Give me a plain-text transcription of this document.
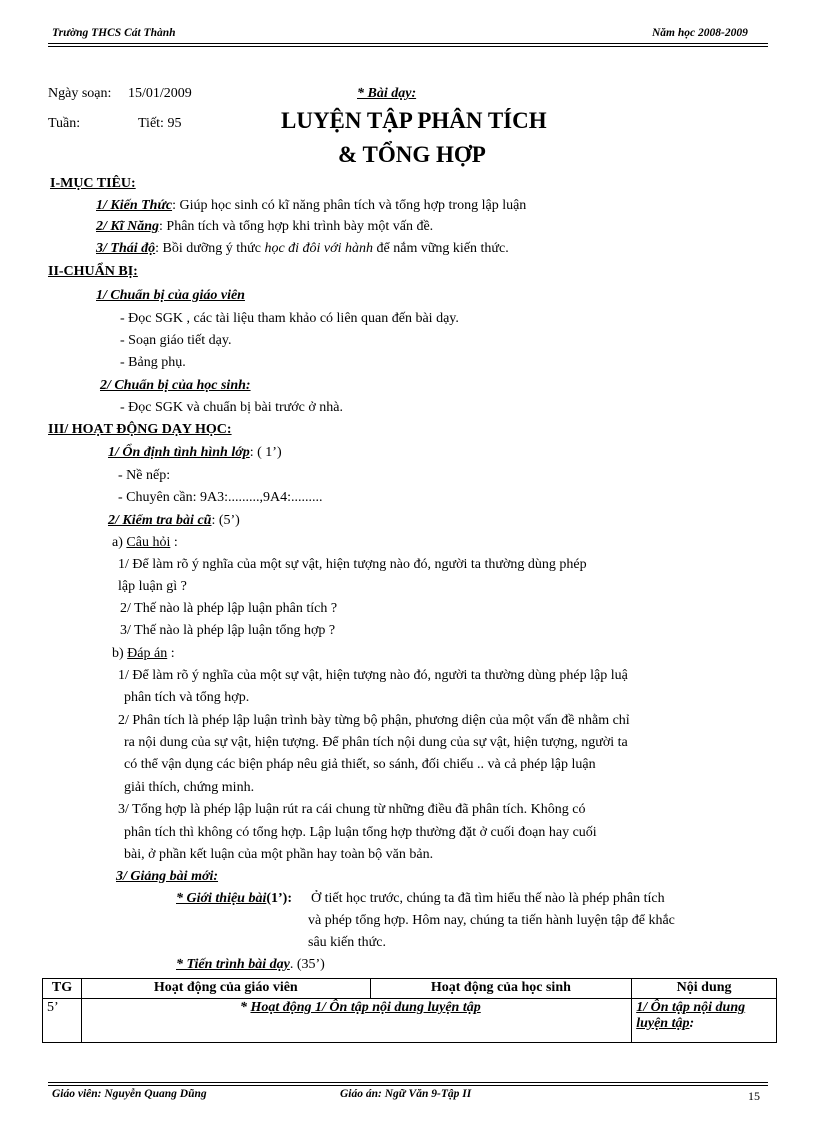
Trường THCS Cát Thành	Năm học 2008-2009
Ngày soạn: 15/01/2009	* Bài dạy:
Tuần:	Tiết: 95	LUYỆN TẬP PHÂN TÍCH
& TỔNG HỢP
I-MỤC TIÊU:
1/ Kiến Thức: Giúp học sinh có kĩ năng phân tích và tổng hợp trong lập luận
2/ Kĩ Năng: Phân tích và tổng hợp khi trình bày một vấn đề.
3/ Thái độ: Bồi dưỡng ý thức học đi đôi với hành để nắm vững kiến thức.
II-CHUẨN BỊ:
1/ Chuẩn bị của giáo viên
- Đọc SGK , các tài liệu tham khảo có liên quan đến bài dạy.
- Soạn giáo tiết dạy.
- Bảng phụ.
2/ Chuẩn bị của học sinh:
- Đọc SGK và chuẩn bị bài trước ở nhà.
III/ HOẠT ĐỘNG DẠY HỌC:
1/ Ổn định tình hình lớp: ( 1’)
- Nề nếp:
- Chuyên cần: 9A3:.........,9A4:.........
2/ Kiểm tra bài cũ: (5’)
a) Câu hỏi :
1/ Để làm rõ ý nghĩa của một sự vật, hiện tượng nào đó, người ta thường dùng phép
lập luận gì ?
2/ Thế nào là phép lập luận phân tích ?
3/ Thế nào là phép lập luận tổng hợp ?
b) Đáp án :
1/ Để làm rõ ý nghĩa của một sự vật, hiện tượng nào đó, người ta thường dùng phép lập luậ
phân tích và tổng hợp.
2/ Phân tích là phép lập luận trình bày từng bộ phận, phương diện của một vấn đề nhằm chỉ
ra nội dung của sự vật, hiện tượng. Để phân tích nội dung của sự vật, hiện tượng, người ta
có thể vận dụng các biện pháp nêu giả thiết, so sánh, đối chiếu .. và cả phép lập luận
giải thích, chứng minh.
3/ Tổng hợp là phép lập luận rút ra cái chung từ những điều đã phân tích. Không có
phân tích thì không có tổng hợp. Lập luận tổng hợp thường đặt ở cuối đoạn hay cuối
bài, ở phần kết luận của một phần hay toàn bộ văn bản.
3/ Giảng bài mới:
* Giới thiệu bài(1’): Ở tiết học trước, chúng ta đã tìm hiểu thế nào là phép phân tích
và phép tổng hợp. Hôm nay, chúng ta tiến hành luyện tập để khắc
sâu kiến thức.
* Tiến trình bài dạy. (35’)
TG	Hoạt động của giáo viên	Hoạt động của học sinh	Nội dung
5’	* Hoạt động 1/ Ôn tập nội dung luyện tập		1/ Ôn tập nội dung luyện tập:
Giáo viên: Nguyễn Quang Dũng	Giáo án: Ngữ Văn 9-Tập II	15
